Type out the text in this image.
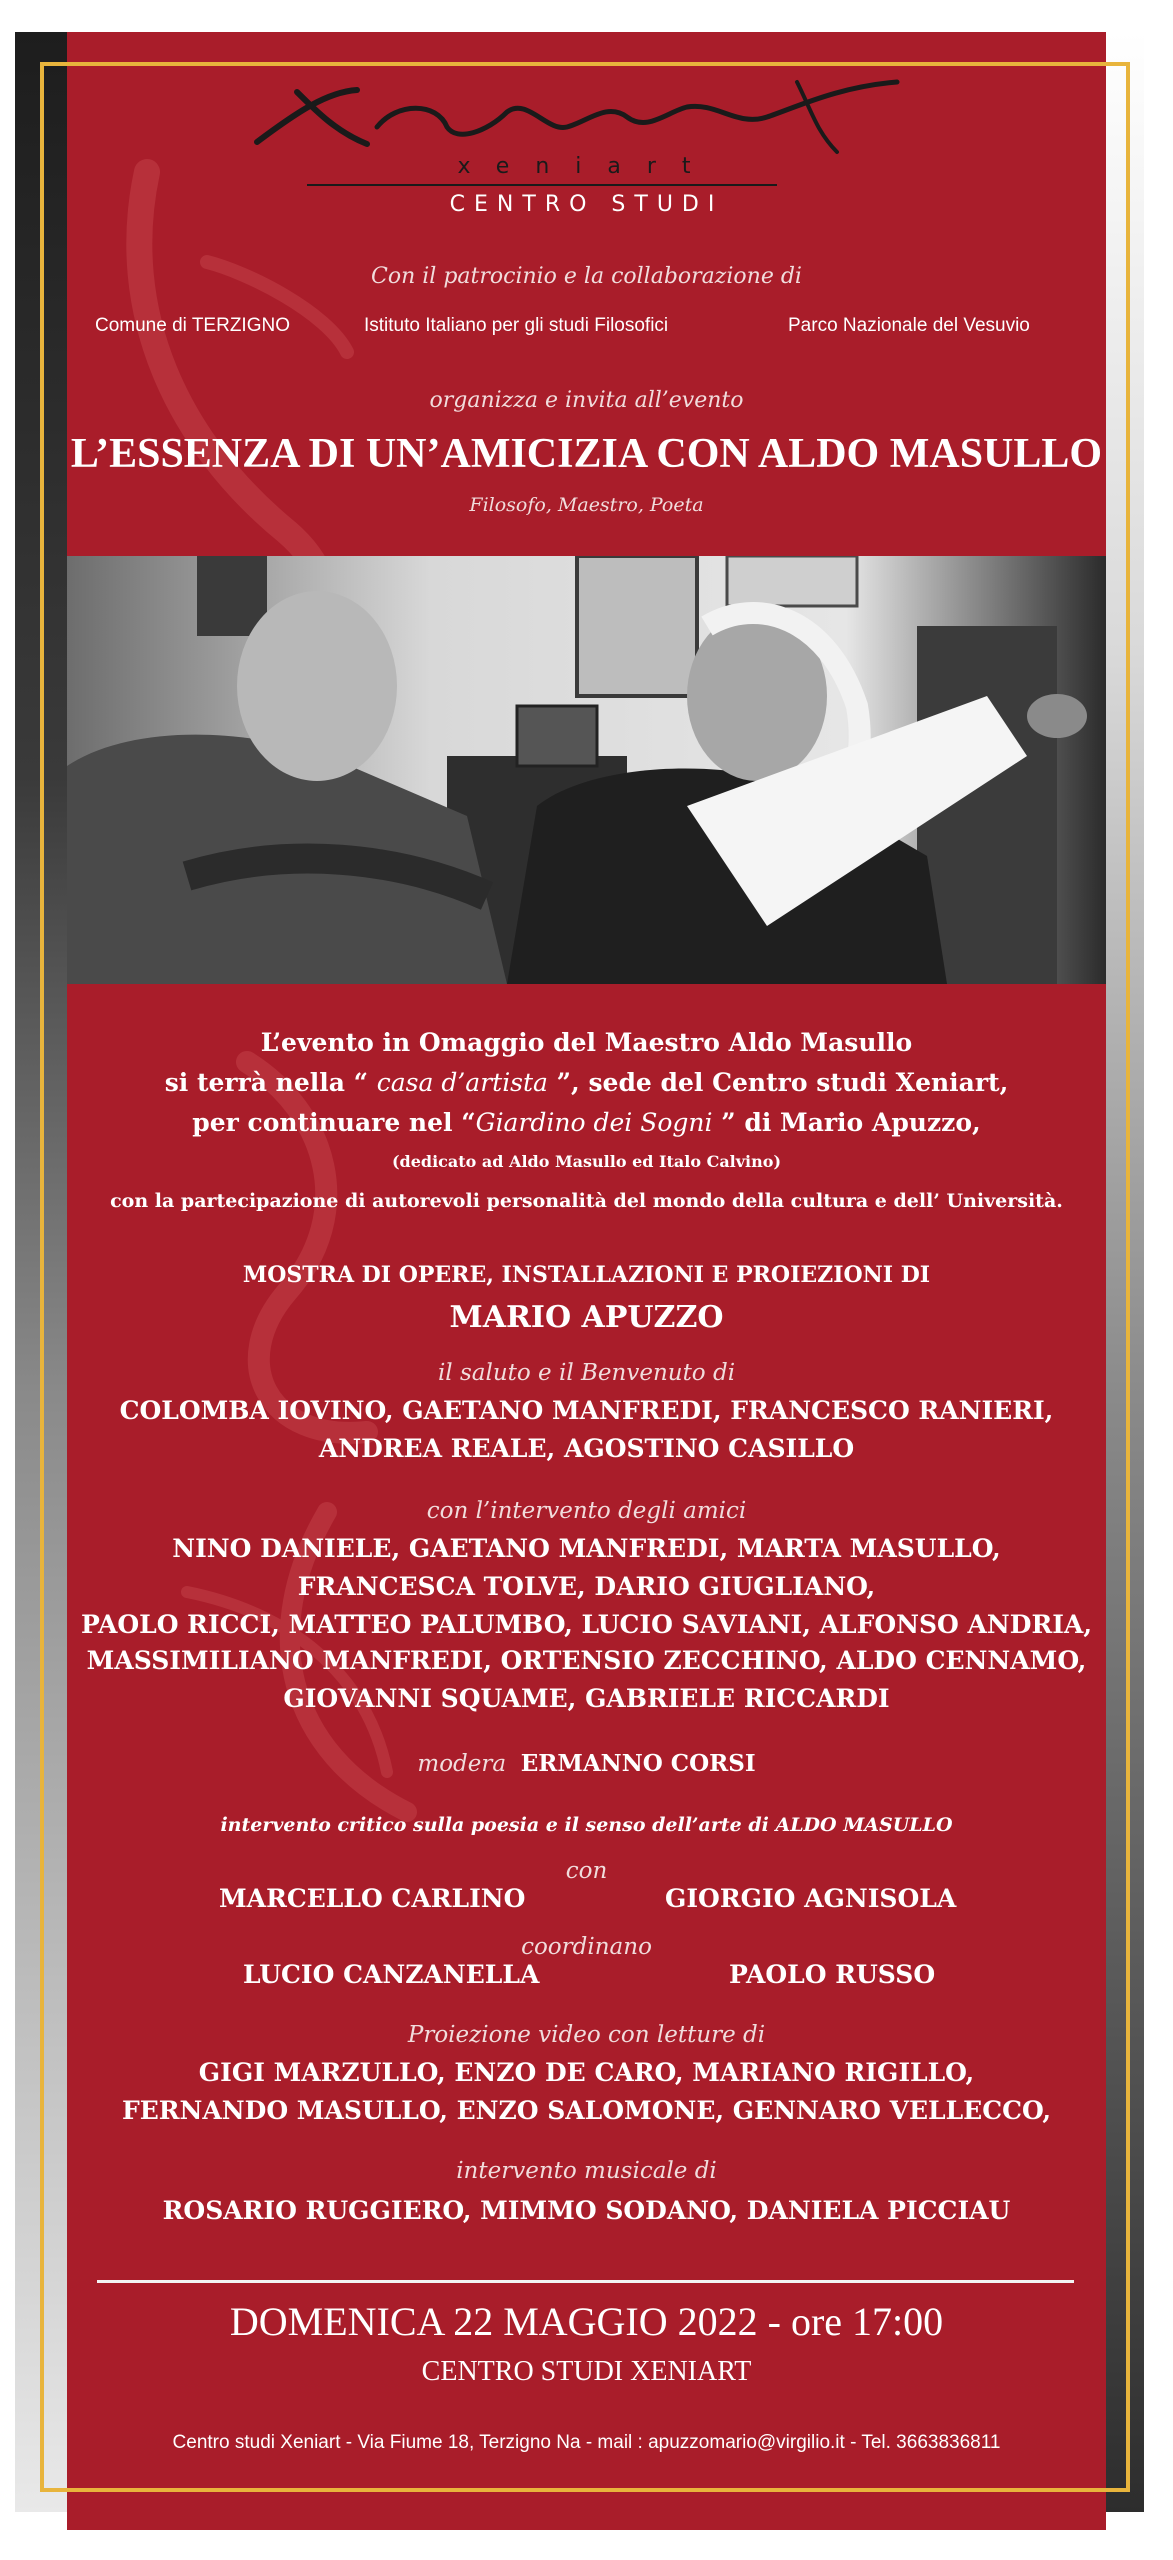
xeniart
CENTRO STUDI
Con il patrocinio e la collaborazione di
Comune di TERZIGNO	Istituto Italiano per gli studi Filosofici	Parco Nazionale del Vesuvio
organizza e invita all’evento
L’ESSENZA DI UN’AMICIZIA CON ALDO MASULLO
Filosofo, Maestro, Poeta
L’evento in Omaggio del Maestro Aldo Masullo
si terrà nella “ casa d’artista ”, sede del Centro studi Xeniart,
per continuare nel “Giardino dei Sogni ” di Mario Apuzzo,
(dedicato ad Aldo Masullo ed Italo Calvino)
con la partecipazione di autorevoli personalità del mondo della cultura e dell’ Università.
MOSTRA DI OPERE, INSTALLAZIONI E PROIEZIONI DI
MARIO APUZZO
il saluto e il Benvenuto di
COLOMBA IOVINO, GAETANO MANFREDI, FRANCESCO RANIERI,
ANDREA REALE, AGOSTINO CASILLO
con l’intervento degli amici
NINO DANIELE, GAETANO MANFREDI, MARTA MASULLO,
FRANCESCA TOLVE, DARIO GIUGLIANO,
PAOLO RICCI, MATTEO PALUMBO, LUCIO SAVIANI, ALFONSO ANDRIA,
MASSIMILIANO MANFREDI, ORTENSIO ZECCHINO, ALDO CENNAMO,
GIOVANNI SQUAME, GABRIELE RICCARDI
modera ERMANNO CORSI
intervento critico sulla poesia e il senso dell’arte di ALDO MASULLO
con
MARCELLO CARLINO	GIORGIO AGNISOLA
coordinano
LUCIO CANZANELLA	PAOLO RUSSO
Proiezione video con letture di
GIGI MARZULLO, ENZO DE CARO, MARIANO RIGILLO,
FERNANDO MASULLO, ENZO SALOMONE, GENNARO VELLECCO,
intervento musicale di
ROSARIO RUGGIERO, MIMMO SODANO, DANIELA PICCIAU
DOMENICA 22 MAGGIO 2022 - ore 17:00
CENTRO STUDI XENIART
Centro studi Xeniart - Via Fiume 18, Terzigno Na - mail : apuzzomario@virgilio.it - Tel. 3663836811
